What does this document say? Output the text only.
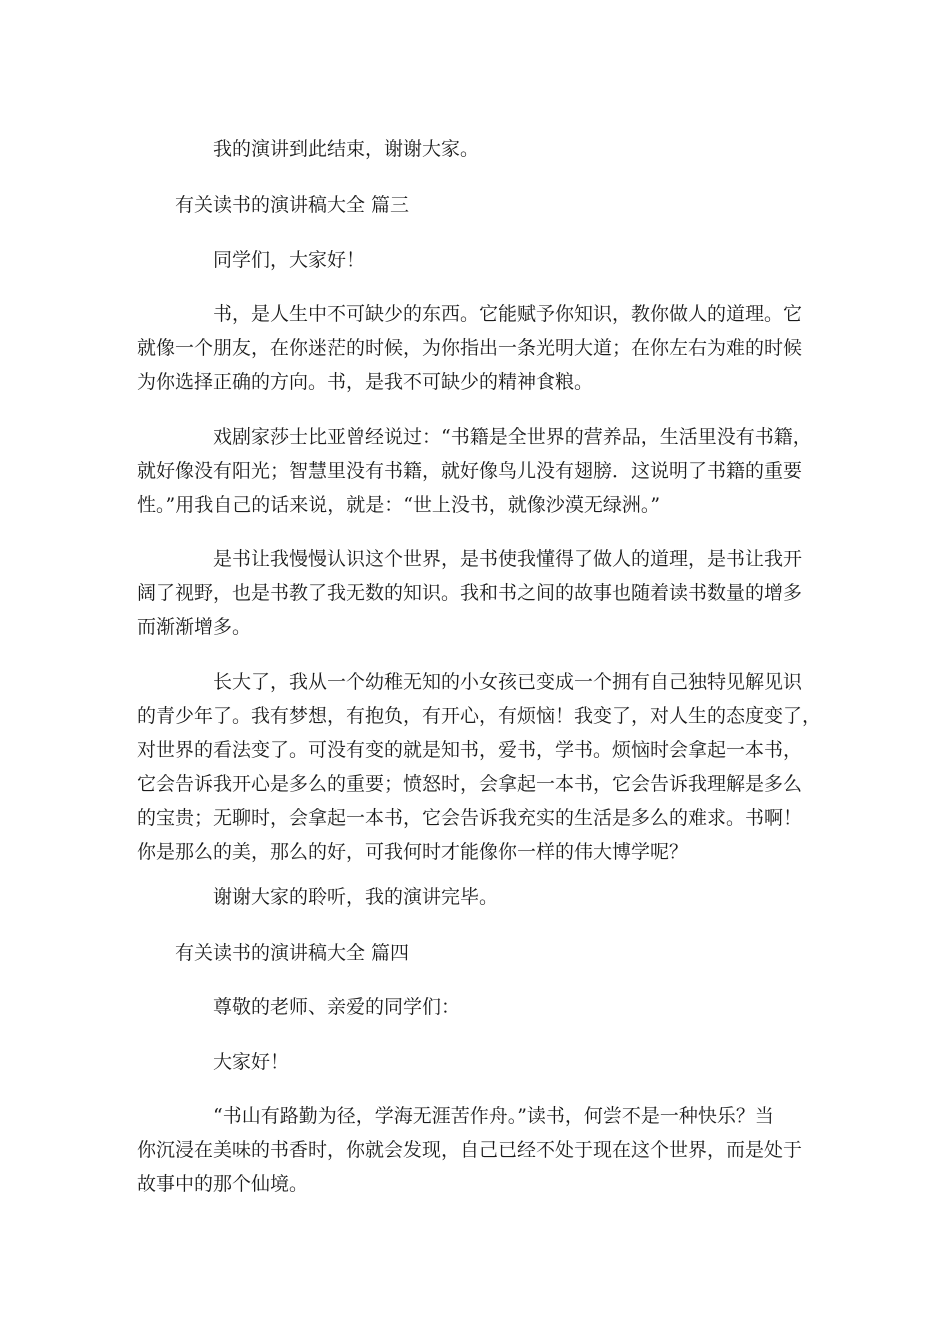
我的演讲到此结束，谢谢大家。
有关读书的演讲稿大全 篇三
同学们，大家好！
书，是人生中不可缺少的东西。它能赋予你知识，教你做人的道理。它
就像一个朋友，在你迷茫的时候，为你指出一条光明大道；在你左右为难的时候
为你选择正确的方向。书，是我不可缺少的精神食粮。
戏剧家莎士比亚曾经说过：“书籍是全世界的营养品，生活里没有书籍，
就好像没有阳光；智慧里没有书籍，就好像鸟儿没有翅膀．这说明了书籍的重要
性。”用我自己的话来说，就是：“世上没书，就像沙漠无绿洲。”
是书让我慢慢认识这个世界，是书使我懂得了做人的道理，是书让我开
阔了视野，也是书教了我无数的知识。我和书之间的故事也随着读书数量的增多
而渐渐增多。
长大了，我从一个幼稚无知的小女孩已变成一个拥有自己独特见解见识
的青少年了。我有梦想，有抱负，有开心，有烦恼！我变了，对人生的态度变了，
对世界的看法变了。可没有变的就是知书，爱书，学书。烦恼时会拿起一本书，
它会告诉我开心是多么的重要；愤怒时，会拿起一本书，它会告诉我理解是多么
的宝贵；无聊时，会拿起一本书，它会告诉我充实的生活是多么的难求。书啊！
你是那么的美，那么的好，可我何时才能像你一样的伟大博学呢？
谢谢大家的聆听，我的演讲完毕。
有关读书的演讲稿大全 篇四
尊敬的老师、亲爱的同学们：
大家好！
“书山有路勤为径，学海无涯苦作舟。”读书，何尝不是一种快乐？当
你沉浸在美味的书香时，你就会发现，自己已经不处于现在这个世界，而是处于
故事中的那个仙境。
